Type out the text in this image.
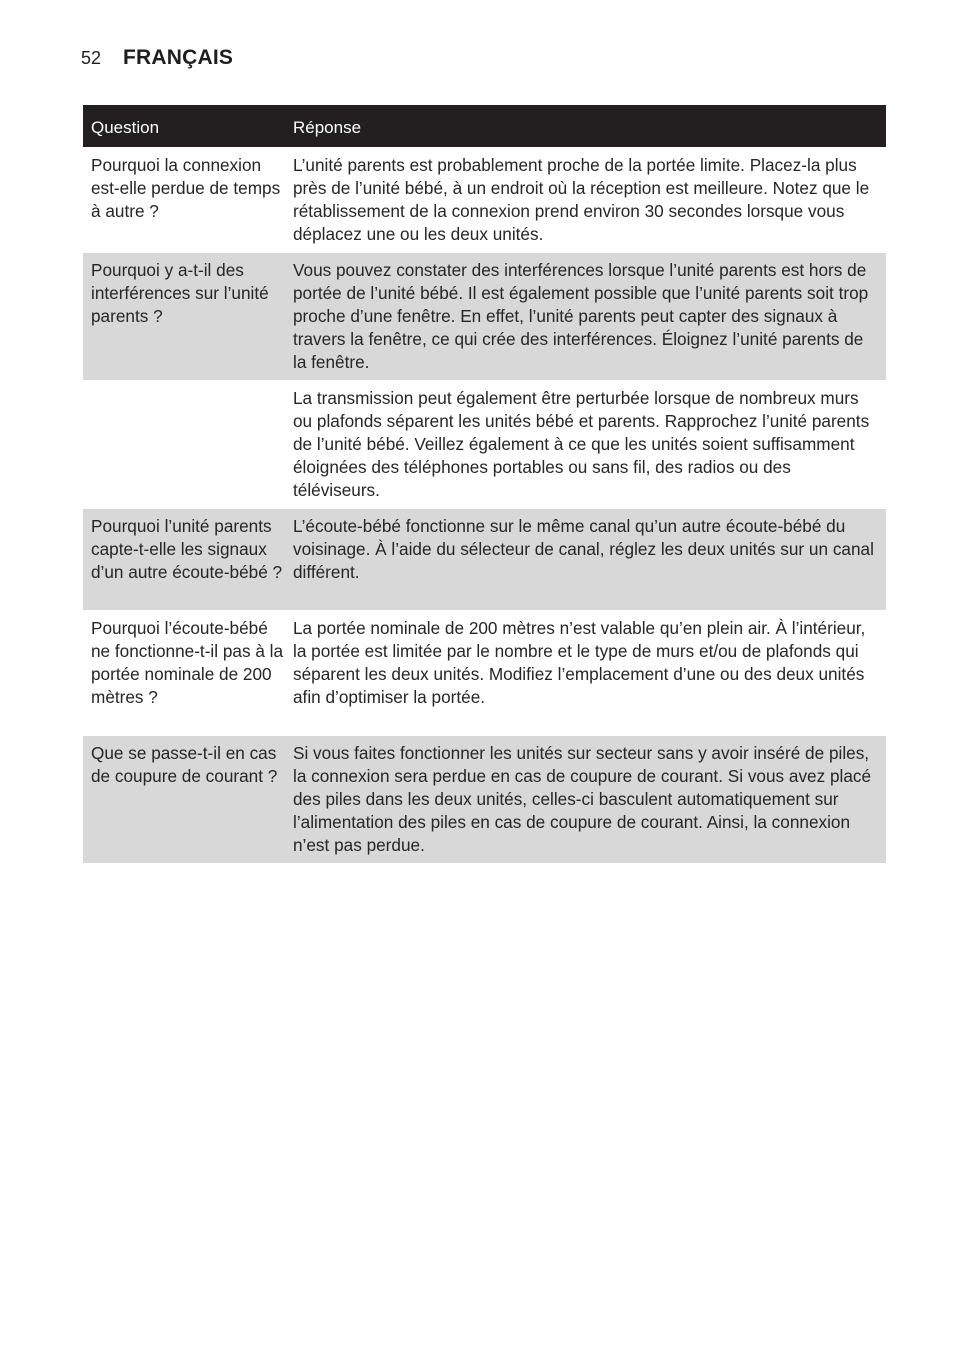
52 FRANÇAIS
Question	Réponse
Pourquoi la connexion est-elle perdue de temps à autre ?
L’unité parents est probablement proche de la portée limite. Placez-la plus près de l’unité bébé, à un endroit où la réception est meilleure. Notez que le rétablissement de la connexion prend environ 30 secondes lorsque vous déplacez une ou les deux unités.
Pourquoi y a-t-il des interférences sur l’unité parents ?
Vous pouvez constater des interférences lorsque l’unité parents est hors de portée de l’unité bébé. Il est également possible que l’unité parents soit trop proche d’une fenêtre. En effet, l’unité parents peut capter des signaux à travers la fenêtre, ce qui crée des interférences. Éloignez l’unité parents de la fenêtre.
La transmission peut également être perturbée lorsque de nombreux murs ou plafonds séparent les unités bébé et parents. Rapprochez l’unité parents de l’unité bébé. Veillez également à ce que les unités soient suffisamment éloignées des téléphones portables ou sans fil, des radios ou des téléviseurs.
Pourquoi l’unité parents capte-t-elle les signaux d’un autre écoute-bébé ?
L’écoute-bébé fonctionne sur le même canal qu’un autre écoute-bébé du voisinage. À l’aide du sélecteur de canal, réglez les deux unités sur un canal différent.
Pourquoi l’écoute-bébé ne fonctionne-t-il pas à la portée nominale de 200 mètres ?
La portée nominale de 200 mètres n’est valable qu’en plein air. À l’intérieur, la portée est limitée par le nombre et le type de murs et/ou de plafonds qui séparent les deux unités. Modifiez l’emplacement d’une ou des deux unités afin d’optimiser la portée.
Que se passe-t-il en cas de coupure de courant ?
Si vous faites fonctionner les unités sur secteur sans y avoir inséré de piles, la connexion sera perdue en cas de coupure de courant. Si vous avez placé des piles dans les deux unités, celles-ci basculent automatiquement sur l’alimentation des piles en cas de coupure de courant. Ainsi, la connexion n’est pas perdue.
